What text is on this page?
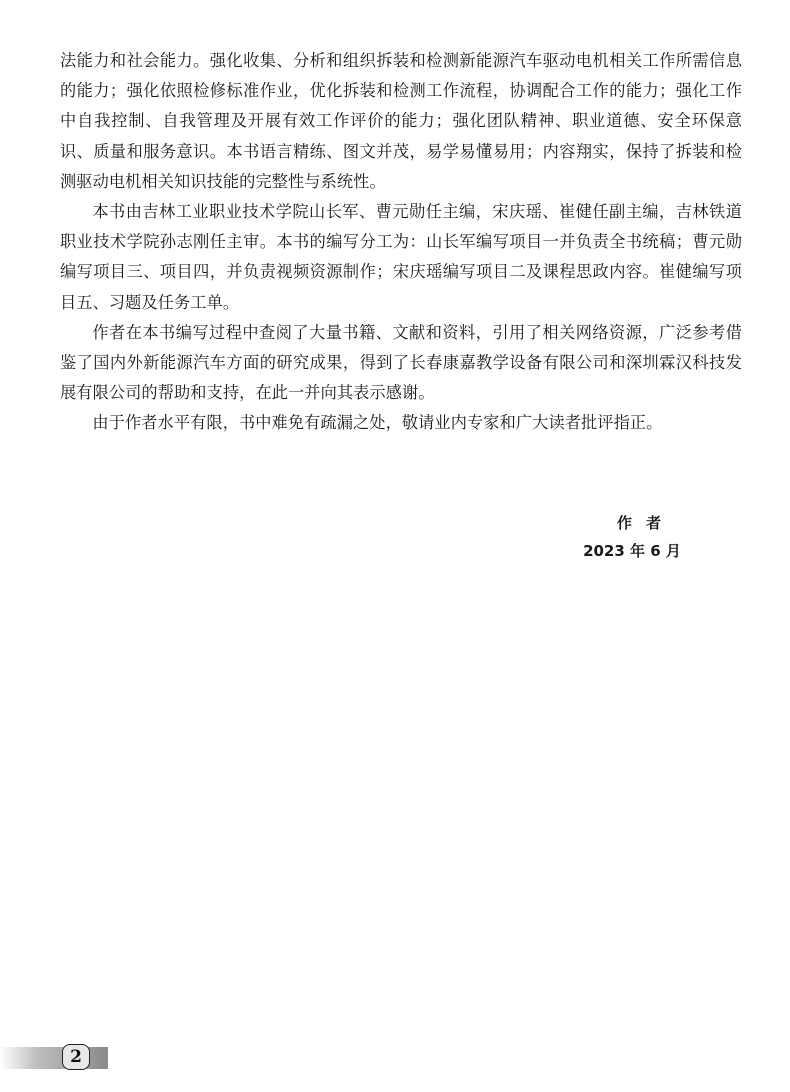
法能力和社会能力。强化收集、分析和组织拆装和检测新能源汽车驱动电机相关工作所需信息的能力；强化依照检修标准作业，优化拆装和检测工作流程，协调配合工作的能力；强化工作中自我控制、自我管理及开展有效工作评价的能力；强化团队精神、职业道德、安全环保意识、质量和服务意识。本书语言精练、图文并茂，易学易懂易用；内容翔实，保持了拆装和检测驱动电机相关知识技能的完整性与系统性。

本书由吉林工业职业技术学院山长军、曹元勋任主编，宋庆瑶、崔健任副主编，吉林铁道职业技术学院孙志刚任主审。本书的编写分工为：山长军编写项目一并负责全书统稿；曹元勋编写项目三、项目四，并负责视频资源制作；宋庆瑶编写项目二及课程思政内容。崔健编写项目五、习题及任务工单。

作者在本书编写过程中查阅了大量书籍、文献和资料，引用了相关网络资源，广泛参考借鉴了国内外新能源汽车方面的研究成果，得到了长春康嘉教学设备有限公司和深圳霖汉科技发展有限公司的帮助和支持，在此一并向其表示感谢。

由于作者水平有限，书中难免有疏漏之处，敬请业内专家和广大读者批评指正。

作者
2023 年 6 月
2
